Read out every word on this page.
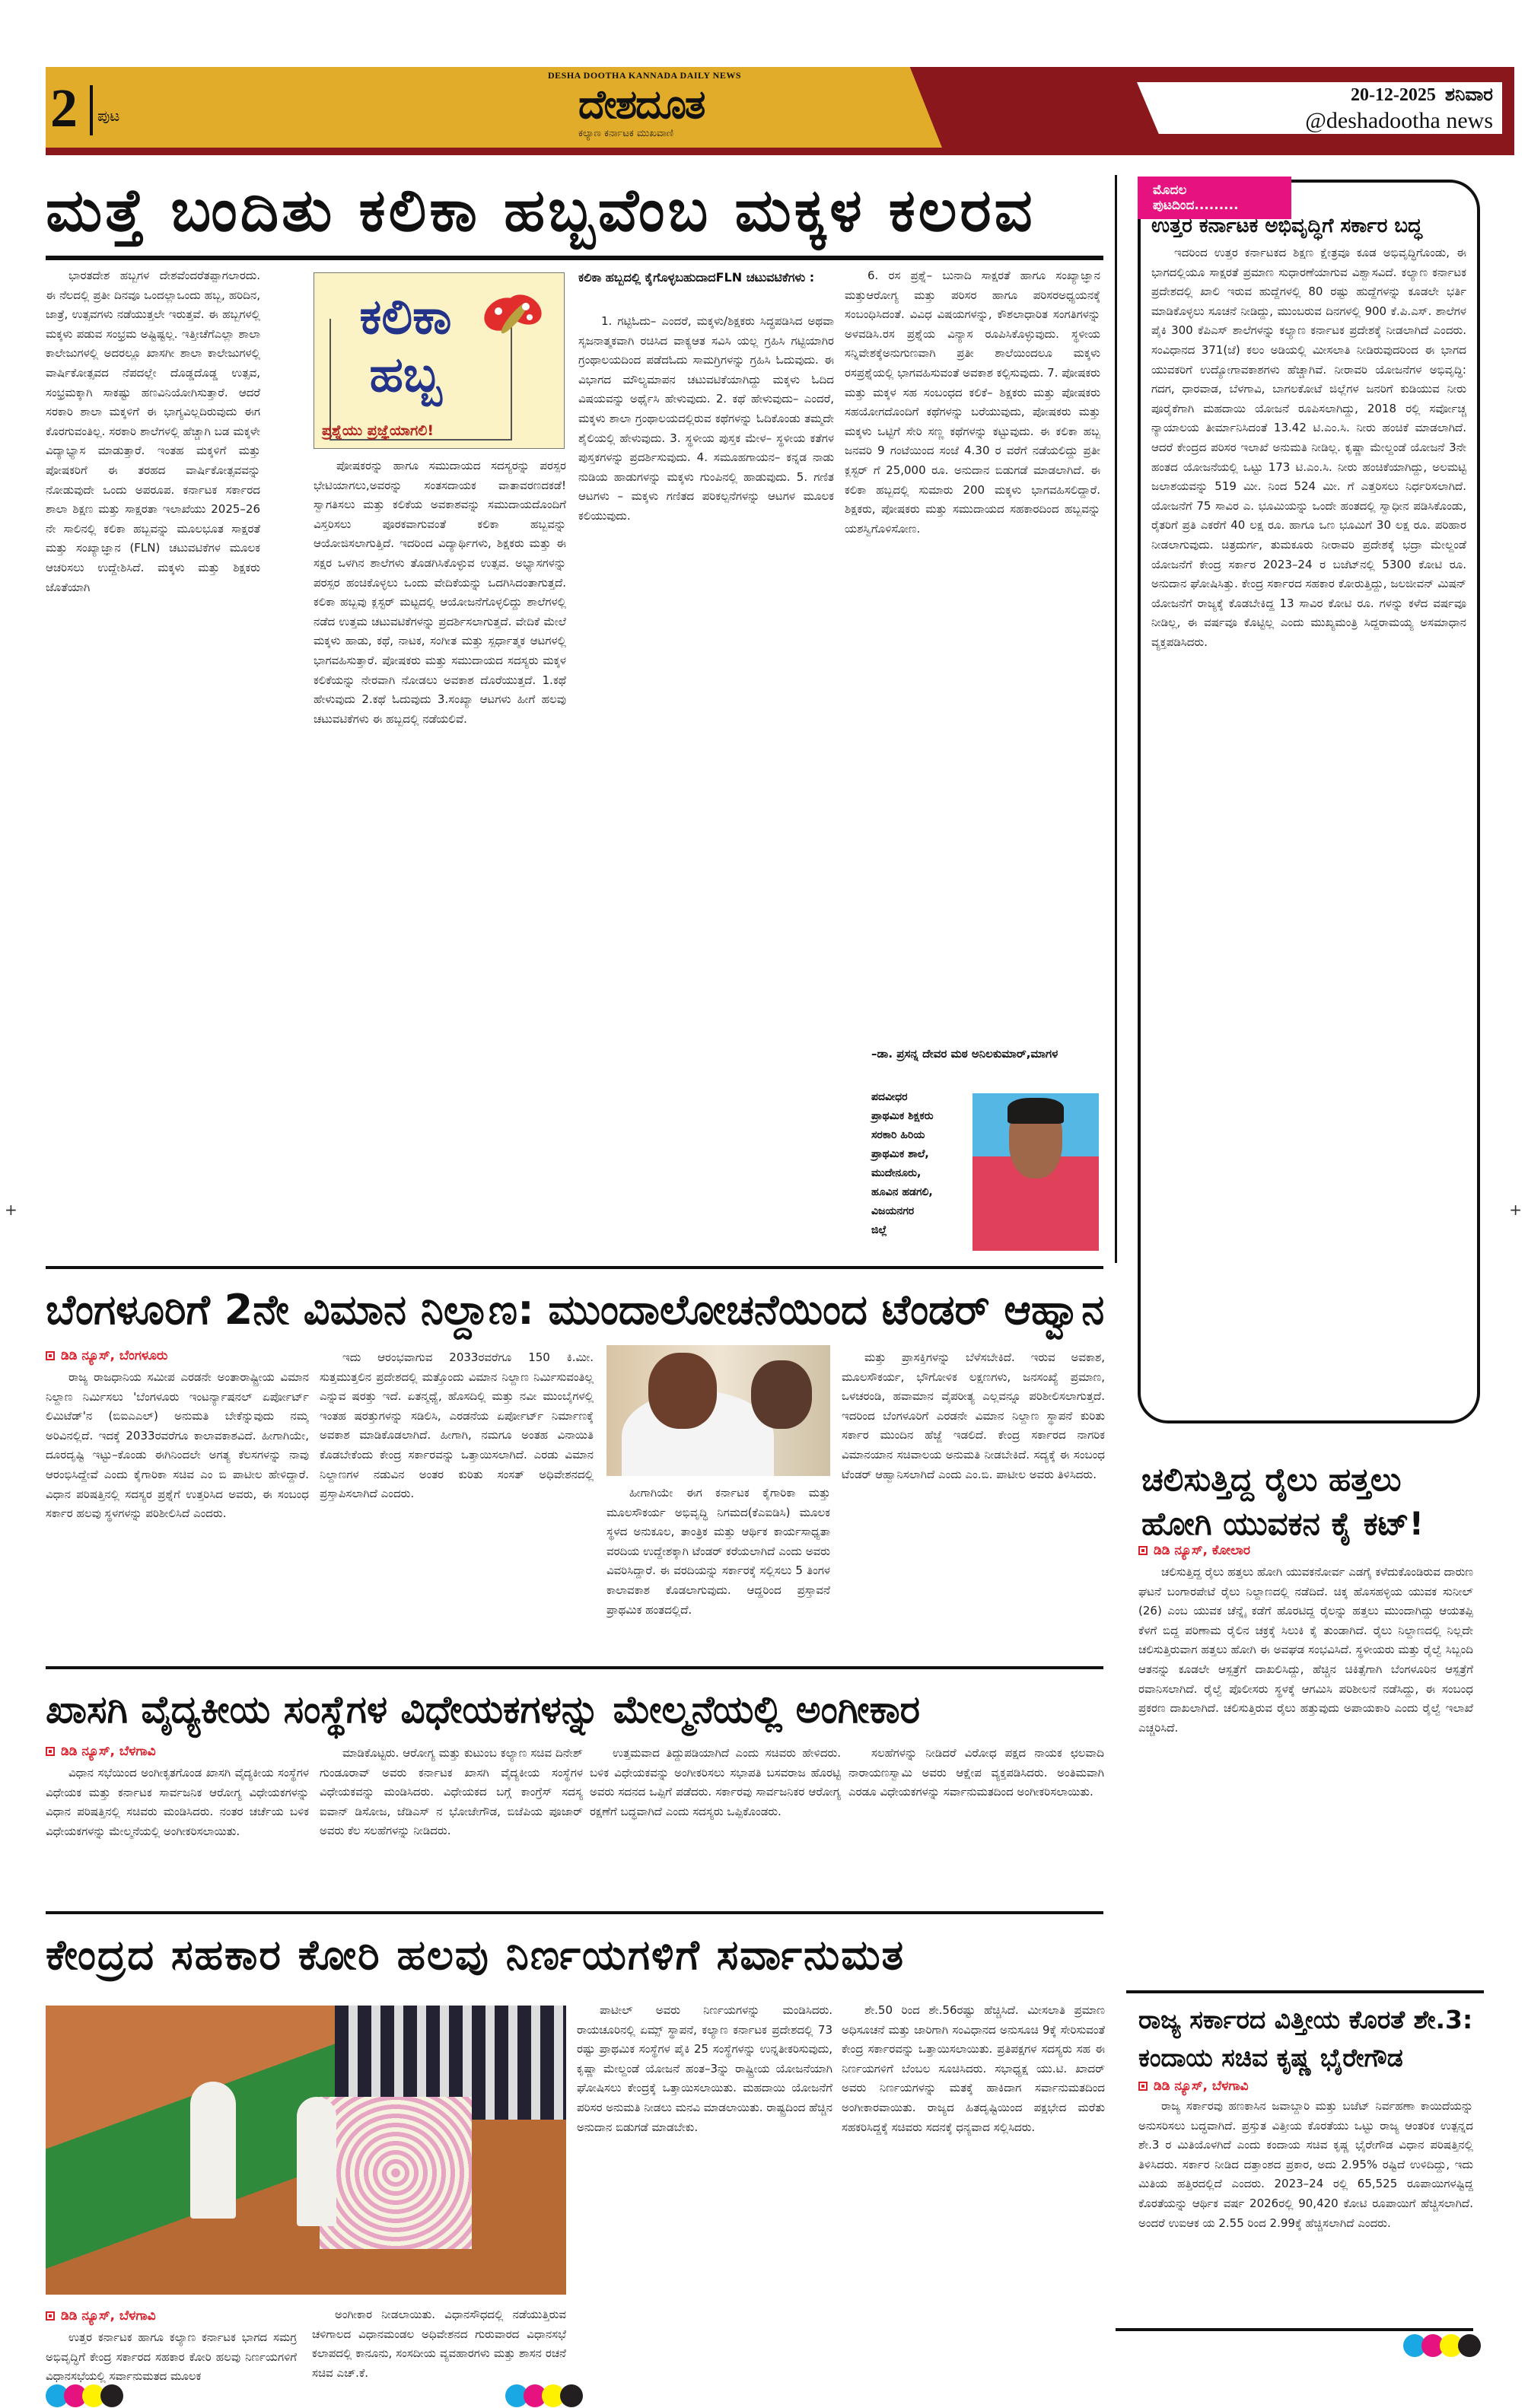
2 ಪುಟ
DESHA DOOTHA KANNADA DAILY NEWS
ದೇಶದೂತ
ಕಲ್ಯಾಣ ಕರ್ನಾಟಕ ಮುಖವಾಣಿ
20-12-2025 ಶನಿವಾರ
@deshadootha news
ಮತ್ತೆ ಬಂದಿತು ಕಲಿಕಾ ಹಬ್ಬವೆಂಬ ಮಕ್ಕಳ ಕಲರವ

ಭಾರತದೇಶ ಹಬ್ಬಗಳ ದೇಶವೆಂದರೆತಪ್ಪಾಗಲಾರದು. ಈ ನೆಲದಲ್ಲಿ ಪ್ರತೀ ದಿನವೂ ಒಂದಲ್ಲಾಒಂದು ಹಬ್ಬ, ಹರಿದಿನ, ಜಾತ್ರೆ, ಉತ್ಸವಗಳು ನಡೆಯುತ್ತಲೇ ಇರುತ್ತವೆ. ಈ ಹಬ್ಬಗಳಲ್ಲಿ ಮಕ್ಕಳು ಪಡುವ ಸಂಭ್ರಮ ಅಷ್ಟಿಷ್ಟಲ್ಲ. ಇತ್ತೀಚೆಗೆಎಲ್ಲಾ ಶಾಲಾ ಕಾಲೇಜುಗಳಲ್ಲಿ ಅದರಲ್ಲೂ ಖಾಸಗೀ ಶಾಲಾ ಕಾಲೇಜುಗಳಲ್ಲಿ ವಾರ್ಷಿಕೋತ್ಸವದ ನೆಪದಲ್ಲೇ ದೊಡ್ಡದೊಡ್ಡ ಉತ್ಸವ, ಸಂಭ್ರಮಕ್ಕಾಗಿ ಸಾಕಷ್ಟು ಹಣವಿನಿಯೋಗಿಸುತ್ತಾರೆ. ಆದರೆ ಸರಕಾರಿ ಶಾಲಾ ಮಕ್ಕಳಿಗೆ ಈ ಭಾಗ್ಯವಿಲ್ಲದಿರುವುದು ಈಗ ಕೊರಗುವಂತಿಲ್ಲ. ಸರಕಾರಿ ಶಾಲೆಗಳಲ್ಲಿ ಹೆಚ್ಚಾಗಿ ಬಡ ಮಕ್ಕಳೇ ವಿದ್ಯಾಭ್ಯಾಸ ಮಾಡುತ್ತಾರೆ. ಇಂತಹ ಮಕ್ಕಳಿಗೆ ಮತ್ತು ಪೋಷಕರಿಗೆ ಈ ತರಹದ ವಾರ್ಷಿಕೋತ್ಸವವನ್ನು ನೋಡುವುದೇ ಒಂದು ಅಪರೂಪ. ಕರ್ನಾಟಕ ಸರ್ಕಾರದ ಶಾಲಾ ಶಿಕ್ಷಣ ಮತ್ತು ಸಾಕ್ಷರತಾ ಇಲಾಖೆಯು 2025–26 ನೇ ಸಾಲಿನಲ್ಲಿ ಕಲಿಕಾ ಹಬ್ಬವನ್ನು ಮೂಲಭೂತ ಸಾಕ್ಷರತೆ ಮತ್ತು ಸಂಖ್ಯಾಜ್ಞಾನ (FLN) ಚಟುವಟಿಕೆಗಳ ಮೂಲಕ ಆಚರಿಸಲು ಉದ್ದೇಶಿಸಿದೆ. ಮಕ್ಕಳು ಮತ್ತು ಶಿಕ್ಷಕರು ಜೊತೆಯಾಗಿ

ಕಲಿಕಾ ಹಬ್ಬ
ಪ್ರಶ್ನೆಯು ಪ್ರಜ್ಞೆಯಾಗಲಿ!

ಪೋಷಕರನ್ನು ಹಾಗೂ ಸಮುದಾಯದ ಸದಸ್ಯರನ್ನು ಪರಸ್ಪರ ಭೇಟಿಯಾಗಲು,ಅವರನ್ನು ಸಂತಸದಾಯಕ ವಾತಾವರಣದಕಡೆ! ಸ್ವಾಗತಿಸಲು ಮತ್ತು ಕಲಿಕೆಯ ಅವಕಾಶವನ್ನು ಸಮುದಾಯದೊಂದಿಗೆ ವಿಸ್ತರಿಸಲು ಪೂರಕವಾಗುವಂತೆ ಕಲಿಕಾ ಹಬ್ಬವನ್ನು ಆಯೋಜಿಸಲಾಗುತ್ತಿದೆ. ಇದರಿಂದ ವಿದ್ಯಾರ್ಥಿಗಳು, ಶಿಕ್ಷಕರು ಮತ್ತು ಈ ಸಕ್ಷರ ಒಳಗಿನ ಶಾಲೆಗಳು ತೊಡಗಿಸಿಕೊಳ್ಳುವ ಉತ್ಸವ. ಅಭ್ಯಾಸಗಳನ್ನು ಪರಸ್ಪರ ಹಂಚಿಕೊಳ್ಳಲು ಒಂದು ವೇದಿಕೆಯನ್ನು ಒದಗಿಸಿದಂತಾಗುತ್ತದೆ. ಕಲಿಕಾ ಹಬ್ಬವು ಕ್ಲಸ್ಟರ್ ಮಟ್ಟದಲ್ಲಿ ಆಯೋಜನೆಗೊಳ್ಳಲಿದ್ದು ಶಾಲೆಗಳಲ್ಲಿ ನಡೆದ ಉತ್ತಮ ಚಟುವಟಿಕೆಗಳನ್ನು ಪ್ರದರ್ಶಿಸಲಾಗುತ್ತದೆ. ವೇದಿಕೆ ಮೇಲೆ ಮಕ್ಕಳು ಹಾಡು, ಕಥೆ, ನಾಟಕ, ಸಂಗೀತ ಮತ್ತು ಸ್ಪರ್ಧಾತ್ಮಕ ಆಟಗಳಲ್ಲಿ ಭಾಗವಹಿಸುತ್ತಾರೆ. ಪೋಷಕರು ಮತ್ತು ಸಮುದಾಯದ ಸದಸ್ಯರು ಮಕ್ಕಳ ಕಲಿಕೆಯನ್ನು ನೇರವಾಗಿ ನೋಡಲು ಅವಕಾಶ ದೊರೆಯುತ್ತದೆ. 1.ಕಥೆ ಹೇಳುವುದು 2.ಕಥೆ ಓದುವುದು 3.ಸಂಖ್ಯಾ ಆಟಗಳು ಹೀಗೆ ಹಲವು ಚಟುವಟಿಕೆಗಳು ಈ ಹಬ್ಬದಲ್ಲಿ ನಡೆಯಲಿವೆ.

ಕಲಿಕಾ ಹಬ್ಬದಲ್ಲಿ ಕೈಗೊಳ್ಳಬಹುದಾದFLN ಚಟುವಟಿಕೆಗಳು :

1. ಗಟ್ಟಿಓದು– ಎಂದರೆ, ಮಕ್ಕಳು/ಶಿಕ್ಷಕರು ಸಿದ್ಧಪಡಿಸಿದ ಅಥವಾ ಸೃಜನಾತ್ಮಕವಾಗಿ ರಚಿಸಿದ ವಾಕ್ಯಆತ ಸವಿಸಿ ಯಲ್ಲ ಗ್ರಹಿಸಿ ಗಟ್ಟಿಯಾಗಿರ ಗ್ರಂಥಾಲಯದಿಂದ ಪಡೆದಓದು ಸಾಮಗ್ರಿಗಳನ್ನು ಗ್ರಹಿಸಿ ಓದುವುದು. ಈ ವಿಭಾಗದ ಮೌಲ್ಯಮಾಪನ ಚಟುವಟಿಕೆಯಾಗಿದ್ದು ಮಕ್ಕಳು ಓದಿದ ವಿಷಯವನ್ನು ಅರ್ಥೈಸಿ ಹೇಳುವುದು. 2. ಕಥೆ ಹೇಳುವುದು– ಎಂದರೆ, ಮಕ್ಕಳು ಶಾಲಾ ಗ್ರಂಥಾಲಯದಲ್ಲಿರುವ ಕಥೆಗಳನ್ನು ಓದಿಕೊಂಡು ತಮ್ಮದೇ ಶೈಲಿಯಲ್ಲಿ ಹೇಳುವುದು. 3. ಸ್ಥಳೀಯ ಪುಸ್ತಕ ಮೇಳ– ಸ್ಥಳೀಯ ಕತೆಗಳ ಪುಸ್ತಕಗಳನ್ನು ಪ್ರದರ್ಶಿಸುವುದು. 4. ಸಮೂಹಗಾಯನ– ಕನ್ನಡ ನಾಡು ನುಡಿಯ ಹಾಡುಗಳನ್ನು ಮಕ್ಕಳು ಗುಂಪಿನಲ್ಲಿ ಹಾಡುವುದು. 5. ಗಣಿತ ಆಟಗಳು – ಮಕ್ಕಳು ಗಣಿತದ ಪರಿಕಲ್ಪನೆಗಳನ್ನು ಆಟಗಳ ಮೂಲಕ ಕಲಿಯುವುದು.

6. ರಸ ಪ್ರಶ್ನೆ– ಬುನಾದಿ ಸಾಕ್ಷರತೆ ಹಾಗೂ ಸಂಖ್ಯಾಜ್ಞಾನ ಮತ್ತುಆರೋಗ್ಯ ಮತ್ತು ಪರಿಸರ ಹಾಗೂ ಪರಿಸರಅಧ್ಯಯನಕ್ಕೆ ಸಂಬಂಧಿಸಿದಂತೆ. ವಿವಿಧ ವಿಷಯಗಳನ್ನು, ಕೌಶಲಾಧಾರಿತ ಸಂಗತಿಗಳನ್ನು ಅಳವಡಿಸಿ.ರಸ ಪ್ರಶ್ನೆಯ ವಿನ್ಯಾಸ ರೂಪಿಸಿಕೊಳ್ಳುವುದು. ಸ್ಥಳೀಯ ಸನ್ನಿವೇಶಕ್ಕೆಅನುಗುಣವಾಗಿ ಪ್ರತೀ ಶಾಲೆಯಿಂದಲೂ ಮಕ್ಕಳು ರಸಪ್ರಶ್ನೆಯಲ್ಲಿ ಭಾಗವಹಿಸುವಂತೆ ಅವಕಾಶ ಕಲ್ಪಿಸುವುದು. 7. ಪೋಷಕರು ಮತ್ತು ಮಕ್ಕಳ ಸಹ ಸಂಬಂಧದ ಕಲಿಕೆ– ಶಿಕ್ಷಕರು ಮತ್ತು ಪೋಷಕರು ಸಹಯೋಗದೊಂದಿಗೆ ಕಥೆಗಳನ್ನು ಬರೆಯುವುದು, ಪೋಷಕರು ಮತ್ತು ಮಕ್ಕಳು ಒಟ್ಟಿಗೆ ಸೇರಿ ಸಣ್ಣ ಕಥೆಗಳನ್ನು ಕಟ್ಟುವುದು. ಈ ಕಲಿಕಾ ಹಬ್ಬ ಜನವರಿ 9 ಗಂಟೆಯಿಂದ ಸಂಜೆ 4.30 ರ ವರೆಗೆ ನಡೆಯಲಿದ್ದು ಪ್ರತೀ ಕ್ಲಸ್ಟರ್ ಗೆ 25,000 ರೂ. ಅನುದಾನ ಬಿಡುಗಡೆ ಮಾಡಲಾಗಿದೆ. ಈ ಕಲಿಕಾ ಹಬ್ಬದಲ್ಲಿ ಸುಮಾರು 200 ಮಕ್ಕಳು ಭಾಗವಹಿಸಲಿದ್ದಾರೆ. ಶಿಕ್ಷಕರು, ಪೋಷಕರು ಮತ್ತು ಸಮುದಾಯದ ಸಹಕಾರದಿಂದ ಹಬ್ಬವನ್ನು ಯಶಸ್ವಿಗೊಳಿಸೋಣ.

–ಡಾ. ಪ್ರಸನ್ನ ದೇವರ ಮಠ ಅನಿಲಕುಮಾರ್,ಮಾಗಳ
ಪದವೀಧರ
ಪ್ರಾಥಮಿಕ ಶಿಕ್ಷಕರು
ಸರಕಾರಿ ಹಿರಿಯ
ಪ್ರಾಥಮಿಕ ಶಾಲೆ,
ಮುದೇನೂರು,
ಹೂವಿನ ಹಡಗಲಿ,
ವಿಜಯನಗರ
ಜಿಲ್ಲೆ
ಮೊದಲ ಪುಟದಿಂದ.........
ಉತ್ತರ ಕರ್ನಾಟಕ ಅಭಿವೃದ್ಧಿಗೆ ಸರ್ಕಾರ ಬದ್ಧ

ಇದರಿಂದ ಉತ್ತರ ಕರ್ನಾಟಕದ ಶಿಕ್ಷಣ ಕ್ಷೇತ್ರವೂ ಕೂಡ ಅಭಿವೃದ್ಧಿಗೊಂಡು, ಈ ಭಾಗದಲ್ಲಿಯೂ ಸಾಕ್ಷರತೆ ಪ್ರಮಾಣ ಸುಧಾರಣೆಯಾಗುವ ವಿಶ್ವಾಸವಿದೆ. ಕಲ್ಯಾಣ ಕರ್ನಾಟಕ ಪ್ರದೇಶದಲ್ಲಿ ಖಾಲಿ ಇರುವ ಹುದ್ದೆಗಳಲ್ಲಿ 80 ರಷ್ಟು ಹುದ್ದೆಗಳನ್ನು ಕೂಡಲೇ ಭರ್ತಿ ಮಾಡಿಕೊಳ್ಳಲು ಸೂಚನೆ ನೀಡಿದ್ದು, ಮುಂಬರುವ ದಿನಗಳಲ್ಲಿ 900 ಕೆ.ಪಿ.ಎಸ್. ಶಾಲೆಗಳ ಪೈಕಿ 300 ಕೆಪಿಎಸ್ ಶಾಲೆಗಳನ್ನು ಕಲ್ಯಾಣ ಕರ್ನಾಟಕ ಪ್ರದೇಶಕ್ಕೆ ನೀಡಲಾಗಿದೆ ಎಂದರು. ಸಂವಿಧಾನದ 371(ಜೆ) ಕಲಂ ಅಡಿಯಲ್ಲಿ ಮೀಸಲಾತಿ ನೀಡಿರುವುದರಿಂದ ಈ ಭಾಗದ ಯುವಕರಿಗೆ ಉದ್ಯೋಗಾವಕಾಶಗಳು ಹೆಚ್ಚಾಗಿವೆ. ನೀರಾವರಿ ಯೋಜನೆಗಳ ಅಭಿವೃದ್ಧಿ: ಗದಗ, ಧಾರವಾಡ, ಬೆಳಗಾವಿ, ಬಾಗಲಕೋಟೆ ಜಿಲ್ಲೆಗಳ ಜನರಿಗೆ ಕುಡಿಯುವ ನೀರು ಪೂರೈಕೆಗಾಗಿ ಮಹದಾಯಿ ಯೋಜನೆ ರೂಪಿಸಲಾಗಿದ್ದು, 2018 ರಲ್ಲಿ ಸರ್ವೋಚ್ಚ ನ್ಯಾಯಾಲಯ ತೀರ್ಮಾನಿಸಿದಂತೆ 13.42 ಟಿ.ಎಂ.ಸಿ. ನೀರು ಹಂಚಿಕೆ ಮಾಡಲಾಗಿದೆ. ಆದರೆ ಕೇಂದ್ರದ ಪರಿಸರ ಇಲಾಖೆ ಅನುಮತಿ ನೀಡಿಲ್ಲ. ಕೃಷ್ಣಾ ಮೇಲ್ದಂಡೆ ಯೋಜನೆ 3ನೇ ಹಂತದ ಯೋಜನೆಯಲ್ಲಿ ಒಟ್ಟು 173 ಟಿ.ಎಂ.ಸಿ. ನೀರು ಹಂಚಿಕೆಯಾಗಿದ್ದು, ಅಲಮಟ್ಟಿ ಜಲಾಶಯವನ್ನು 519 ಮೀ. ನಿಂದ 524 ಮೀ. ಗೆ ಎತ್ತರಿಸಲು ನಿರ್ಧರಿಸಲಾಗಿದೆ. ಯೋಜನೆಗೆ 75 ಸಾವಿರ ಎ. ಭೂಮಿಯನ್ನು ಒಂದೇ ಹಂತದಲ್ಲಿ ಸ್ವಾಧೀನ ಪಡಿಸಿಕೊಂಡು, ರೈತರಿಗೆ ಪ್ರತಿ ಎಕರೆಗೆ 40 ಲಕ್ಷ ರೂ. ಹಾಗೂ ಒಣ ಭೂಮಿಗೆ 30 ಲಕ್ಷ ರೂ. ಪರಿಹಾರ ನೀಡಲಾಗುವುದು. ಚಿತ್ರದುರ್ಗ, ತುಮಕೂರು ನೀರಾವರಿ ಪ್ರದೇಶಕ್ಕೆ ಭದ್ರಾ ಮೇಲ್ದಂಡೆ ಯೋಜನೆಗೆ ಕೇಂದ್ರ ಸರ್ಕಾರ 2023–24 ರ ಬಜೆಟ್‌ನಲ್ಲಿ 5300 ಕೋಟಿ ರೂ. ಅನುದಾನ ಘೋಷಿಸಿತ್ತು. ಕೇಂದ್ರ ಸರ್ಕಾರದ ಸಹಕಾರ ಕೋರುತ್ತಿದ್ದು, ಜಲಜೀವನ್ ಮಿಷನ್ ಯೋಜನೆಗೆ ರಾಜ್ಯಕ್ಕೆ ಕೊಡಬೇಕಿದ್ದ 13 ಸಾವಿರ ಕೋಟಿ ರೂ. ಗಳನ್ನು ಕಳೆದ ವರ್ಷವೂ ನೀಡಿಲ್ಲ, ಈ ವರ್ಷವೂ ಕೊಟ್ಟಿಲ್ಲ ಎಂದು ಮುಖ್ಯಮಂತ್ರಿ ಸಿದ್ದರಾಮಯ್ಯ ಅಸಮಾಧಾನ ವ್ಯಕ್ತಪಡಿಸಿದರು.

ಚಲಿಸುತ್ತಿದ್ದ ರೈಲು ಹತ್ತಲು ಹೋಗಿ ಯುವಕನ ಕೈ ಕಟ್!
ಡಿಡಿ ನ್ಯೂಸ್, ಕೋಲಾರ

ಚಲಿಸುತ್ತಿದ್ದ ರೈಲು ಹತ್ತಲು ಹೋಗಿ ಯುವಕನೋರ್ವ ಎಡಗೈ ಕಳೆದುಕೊಂಡಿರುವ ದಾರುಣ ಘಟನೆ ಬಂಗಾರಪೇಟೆ ರೈಲು ನಿಲ್ದಾಣದಲ್ಲಿ ನಡೆದಿದೆ. ಚಿಕ್ಕ ಹೊಸಹಳ್ಳಿಯ ಯುವಕ ಸುನೀಲ್ (26) ಎಂಬ ಯುವಕ ಚೆನ್ನೈ ಕಡೆಗೆ ಹೊರಟಿದ್ದ ರೈಲನ್ನು ಹತ್ತಲು ಮುಂದಾಗಿದ್ದು ಆಯತಪ್ಪಿ ಕೆಳಗೆ ಬಿದ್ದ ಪರಿಣಾಮ ರೈಲಿನ ಚಕ್ರಕ್ಕೆ ಸಿಲುಕಿ ಕೈ ತುಂಡಾಗಿದೆ. ರೈಲು ನಿಲ್ದಾಣದಲ್ಲಿ ನಿಲ್ಲದೇ ಚಲಿಸುತ್ತಿರುವಾಗ ಹತ್ತಲು ಹೋಗಿ ಈ ಅವಘಡ ಸಂಭವಿಸಿದೆ. ಸ್ಥಳೀಯರು ಮತ್ತು ರೈಲ್ವೆ ಸಿಬ್ಬಂದಿ ಆತನನ್ನು ಕೂಡಲೇ ಆಸ್ಪತ್ರೆಗೆ ದಾಖಲಿಸಿದ್ದು, ಹೆಚ್ಚಿನ ಚಿಕಿತ್ಸೆಗಾಗಿ ಬೆಂಗಳೂರಿನ ಆಸ್ಪತ್ರೆಗೆ ರವಾನಿಸಲಾಗಿದೆ. ರೈಲ್ವೆ ಪೊಲೀಸರು ಸ್ಥಳಕ್ಕೆ ಆಗಮಿಸಿ ಪರಿಶೀಲನೆ ನಡೆಸಿದ್ದು, ಈ ಸಂಬಂಧ ಪ್ರಕರಣ ದಾಖಲಾಗಿದೆ. ಚಲಿಸುತ್ತಿರುವ ರೈಲು ಹತ್ತುವುದು ಅಪಾಯಕಾರಿ ಎಂದು ರೈಲ್ವೆ ಇಲಾಖೆ ಎಚ್ಚರಿಸಿದೆ.

ಬೆಂಗಳೂರಿಗೆ 2ನೇ ವಿಮಾನ ನಿಲ್ದಾಣ: ಮುಂದಾಲೋಚನೆಯಿಂದ ಟೆಂಡರ್ ಆಹ್ವಾನ
ಡಿಡಿ ನ್ಯೂಸ್, ಬೆಂಗಳೂರು

ರಾಜ್ಯ ರಾಜಧಾನಿಯ ಸಮೀಪ ಎರಡನೇ ಅಂತಾರಾಷ್ಟ್ರೀಯ ವಿಮಾನ ನಿಲ್ದಾಣ ನಿರ್ಮಿಸಲು 'ಬೆಂಗಳೂರು ಇಂಟರ್ನ್ಯಾಷನಲ್ ಏರ್ಪೋರ್ಟ್ ಲಿಮಿಟೆಡ್'ನ (ಬಿಐಎಎಲ್) ಅನುಮತಿ ಬೇಕೆನ್ನುವುದು ನಮ್ಮ ಅರಿವಿನಲ್ಲಿದೆ. ಇದಕ್ಕೆ 2033ರವರೆಗೂ ಕಾಲಾವಕಾಶವಿದೆ. ಹೀಗಾಗಿಯೇ, ದೂರದೃಷ್ಟಿ ಇಟ್ಟು–ಕೊಂಡು ಈಗಿನಿಂದಲೇ ಅಗತ್ಯ ಕೆಲಸಗಳನ್ನು ನಾವು ಆರಂಭಿಸಿದ್ದೇವೆ ಎಂದು ಕೈಗಾರಿಕಾ ಸಚಿವ ಎಂ ಬಿ ಪಾಟೀಲ ಹೇಳಿದ್ದಾರೆ. ವಿಧಾನ ಪರಿಷತ್ತಿನಲ್ಲಿ ಸದಸ್ಯರ ಪ್ರಶ್ನೆಗೆ ಉತ್ತರಿಸಿದ ಅವರು, ಈ ಸಂಬಂಧ ಸರ್ಕಾರ ಹಲವು ಸ್ಥಳಗಳನ್ನು ಪರಿಶೀಲಿಸಿದೆ ಎಂದರು.

ಇದು ಆರಂಭವಾಗುವ 2033ರವರೆಗೂ 150 ಕಿ.ಮೀ. ಸುತ್ತಮುತ್ತಲಿನ ಪ್ರದೇಶದಲ್ಲಿ ಮತ್ತೊಂದು ವಿಮಾನ ನಿಲ್ದಾಣ ನಿರ್ಮಿಸುವಂತಿಲ್ಲ ಎನ್ನುವ ಷರತ್ತು ಇದೆ. ಏತನ್ಮಧ್ಯೆ, ಹೊಸದಿಲ್ಲಿ ಮತ್ತು ನವೀ ಮುಂಬೈಗಳಲ್ಲಿ ಇಂತಹ ಷರತ್ತುಗಳನ್ನು ಸಡಿಲಿಸಿ, ಎರಡನೆಯ ಏರ್ಪೋರ್ಟ್ ನಿರ್ಮಾಣಕ್ಕೆ ಅವಕಾಶ ಮಾಡಿಕೊಡಲಾಗಿದೆ. ಹೀಗಾಗಿ, ನಮಗೂ ಅಂತಹ ವಿನಾಯಿತಿ ಕೊಡಬೇಕೆಂದು ಕೇಂದ್ರ ಸರ್ಕಾರವನ್ನು ಒತ್ತಾಯಿಸಲಾಗಿದೆ. ಎರಡು ವಿಮಾನ ನಿಲ್ದಾಣಗಳ ನಡುವಿನ ಅಂತರ ಕುರಿತು ಸಂಸತ್ ಅಧಿವೇಶನದಲ್ಲಿ ಪ್ರಸ್ತಾಪಿಸಲಾಗಿದೆ ಎಂದರು.	ಹೀಗಾಗಿಯೇ ಈಗ ಕರ್ನಾಟಕ ಕೈಗಾರಿಕಾ ಮತ್ತು ಮೂಲಸೌಕರ್ಯ ಅಭಿವೃದ್ಧಿ ನಿಗಮದ(ಕೆಎಐಡಿಸಿ) ಮೂಲಕ ಸ್ಥಳದ ಅನುಕೂಲ, ತಾಂತ್ರಿಕ ಮತ್ತು ಆರ್ಥಿಕ ಕಾರ್ಯಸಾಧ್ಯತಾ ವರದಿಯ ಉದ್ದೇಶಕ್ಕಾಗಿ ಟೆಂಡರ್ ಕರೆಯಲಾಗಿದೆ ಎಂದು ಅವರು ವಿವರಿಸಿದ್ದಾರೆ. ಈ ವರದಿಯನ್ನು ಸರ್ಕಾರಕ್ಕೆ ಸಲ್ಲಿಸಲು 5 ತಿಂಗಳ ಕಾಲಾವಕಾಶ ಕೊಡಲಾಗುವುದು. ಆದ್ದರಿಂದ ಪ್ರಸ್ತಾವನೆ ಪ್ರಾಥಮಿಕ ಹಂತದಲ್ಲಿದೆ.

ಮತ್ತು ಪ್ರಾಸಕ್ತಿಗಳನ್ನು ಬೆಳೆಸಬೇಕಿದೆ. ಇರುವ ಅವಕಾಶ, ಮೂಲಸೌಕರ್ಯ, ಭೌಗೋಳಿಕ ಲಕ್ಷಣಗಳು, ಜನಸಂಖ್ಯೆ ಪ್ರಮಾಣ, ಒಳಚರಂಡಿ, ಹವಾಮಾನ ವೈಪರೀತ್ಯ ಎಲ್ಲವನ್ನೂ ಪರಿಶೀಲಿಸಲಾಗುತ್ತದೆ. ಇದರಿಂದ ಬೆಂಗಳೂರಿಗೆ ಎರಡನೇ ವಿಮಾನ ನಿಲ್ದಾಣ ಸ್ಥಾಪನೆ ಕುರಿತು ಸರ್ಕಾರ ಮುಂದಿನ ಹೆಜ್ಜೆ ಇಡಲಿದೆ. ಕೇಂದ್ರ ಸರ್ಕಾರದ ನಾಗರಿಕ ವಿಮಾನಯಾನ ಸಚಿವಾಲಯ ಅನುಮತಿ ನೀಡಬೇಕಿದೆ. ಸದ್ಯಕ್ಕೆ ಈ ಸಂಬಂಧ ಟೆಂಡರ್ ಆಹ್ವಾನಿಸಲಾಗಿದೆ ಎಂದು ಎಂ.ಬಿ. ಪಾಟೀಲ ಅವರು ತಿಳಿಸಿದರು.

ಖಾಸಗಿ ವೈದ್ಯಕೀಯ ಸಂಸ್ಥೆಗಳ ವಿಧೇಯಕಗಳನ್ನು ಮೇಲ್ಮನೆಯಲ್ಲಿ ಅಂಗೀಕಾರ
ಡಿಡಿ ನ್ಯೂಸ್, ಬೆಳಗಾವಿ

ವಿಧಾನ ಸಭೆಯಿಂದ ಅಂಗೀಕೃತಗೊಂಡ ಖಾಸಗಿ ವೈದ್ಯಕೀಯ ಸಂಸ್ಥೆಗಳ ವಿಧೇಯಕ ಮತ್ತು ಕರ್ನಾಟಕ ಸಾರ್ವಜನಿಕ ಆರೋಗ್ಯ ವಿಧೇಯಕಗಳನ್ನು ವಿಧಾನ ಪರಿಷತ್ತಿನಲ್ಲಿ ಸಚಿವರು ಮಂಡಿಸಿದರು. ನಂತರ ಚರ್ಚೆಯ ಬಳಿಕ ವಿಧೇಯಕಗಳನ್ನು ಮೇಲ್ಮನೆಯಲ್ಲಿ ಅಂಗೀಕರಿಸಲಾಯಿತು.

ಮಾಡಿಕೊಟ್ಟರು. ಆರೋಗ್ಯ ಮತ್ತು ಕುಟುಂಬ ಕಲ್ಯಾಣ ಸಚಿವ ದಿನೇಶ್ ಗುಂಡೂರಾವ್ ಅವರು ಕರ್ನಾಟಕ ಖಾಸಗಿ ವೈದ್ಯಕೀಯ ಸಂಸ್ಥೆಗಳ ವಿಧೇಯಕವನ್ನು ಮಂಡಿಸಿದರು. ವಿಧೇಯಕದ ಬಗ್ಗೆ ಕಾಂಗ್ರೆಸ್ ಸದಸ್ಯ ಐವಾನ್ ಡಿಸೋಜ, ಜೆಡಿಎಸ್ ನ ಭೋಜೇಗೌಡ, ಬಿಜೆಪಿಯ ಪೂಜಾರ್ ಅವರು ಕೆಲ ಸಲಹೆಗಳನ್ನು ನೀಡಿದರು.

ಉತ್ತಮವಾದ ತಿದ್ದುಪಡಿಯಾಗಿದೆ ಎಂದು ಸಚಿವರು ಹೇಳಿದರು. ಬಳಿಕ ವಿಧೇಯಕವನ್ನು ಅಂಗೀಕರಿಸಲು ಸಭಾಪತಿ ಬಸವರಾಜ ಹೊರಟ್ಟಿ ಅವರು ಸದನದ ಒಪ್ಪಿಗೆ ಪಡೆದರು. ಸರ್ಕಾರವು ಸಾರ್ವಜನಿಕರ ಆರೋಗ್ಯ ರಕ್ಷಣೆಗೆ ಬದ್ಧವಾಗಿದೆ ಎಂದು ಸದಸ್ಯರು ಒಪ್ಪಿಕೊಂಡರು.

ಸಲಹೆಗಳನ್ನು ನೀಡಿದರೆ ವಿರೋಧ ಪಕ್ಷದ ನಾಯಕ ಛಲವಾದಿ ನಾರಾಯಣಸ್ವಾಮಿ ಅವರು ಆಕ್ಷೇಪ ವ್ಯಕ್ತಪಡಿಸಿದರು. ಅಂತಿಮವಾಗಿ ಎರಡೂ ವಿಧೇಯಕಗಳನ್ನು ಸರ್ವಾನುಮತದಿಂದ ಅಂಗೀಕರಿಸಲಾಯಿತು.

ಕೇಂದ್ರದ ಸಹಕಾರ ಕೋರಿ ಹಲವು ನಿರ್ಣಯಗಳಿಗೆ ಸರ್ವಾನುಮತ
ಡಿಡಿ ನ್ಯೂಸ್, ಬೆಳಗಾವಿ

ಉತ್ತರ ಕರ್ನಾಟಕ ಹಾಗೂ ಕಲ್ಯಾಣ ಕರ್ನಾಟಕ ಭಾಗದ ಸಮಗ್ರ ಅಭಿವೃದ್ಧಿಗೆ ಕೇಂದ್ರ ಸರ್ಕಾರದ ಸಹಕಾರ ಕೋರಿ ಹಲವು ನಿರ್ಣಯಗಳಿಗೆ ವಿಧಾನಸಭೆಯಲ್ಲಿ ಸರ್ವಾನುಮತದ ಮೂಲಕ

ಅಂಗೀಕಾರ ನೀಡಲಾಯಿತು. ವಿಧಾನಸೌಧದಲ್ಲಿ ನಡೆಯುತ್ತಿರುವ ಚಳಿಗಾಲದ ವಿಧಾನಮಂಡಲ ಅಧಿವೇಶನದ ಗುರುವಾರದ ವಿಧಾನಸಭೆ ಕಲಾಪದಲ್ಲಿ ಕಾನೂನು, ಸಂಸದೀಯ ವ್ಯವಹಾರಗಳು ಮತ್ತು ಶಾಸನ ರಚನೆ ಸಚಿವ ಎಚ್.ಕೆ.

ಪಾಟೀಲ್ ಅವರು ನಿರ್ಣಯಗಳನ್ನು ಮಂಡಿಸಿದರು. ರಾಯಚೂರಿನಲ್ಲಿ ಏಮ್ಸ್ ಸ್ಥಾಪನೆ, ಕಲ್ಯಾಣ ಕರ್ನಾಟಕ ಪ್ರದೇಶದಲ್ಲಿ 73 ರಷ್ಟು ಪ್ರಾಥಮಿಕ ಸಂಸ್ಥೆಗಳ ಪೈಕಿ 25 ಸಂಸ್ಥೆಗಳನ್ನು ಉನ್ನತೀಕರಿಸುವುದು, ಕೃಷ್ಣಾ ಮೇಲ್ದಂಡೆ ಯೋಜನೆ ಹಂತ–3ನ್ನು ರಾಷ್ಟ್ರೀಯ ಯೋಜನೆಯಾಗಿ ಘೋಷಿಸಲು ಕೇಂದ್ರಕ್ಕೆ ಒತ್ತಾಯಿಸಲಾಯಿತು. ಮಹದಾಯಿ ಯೋಜನೆಗೆ ಪರಿಸರ ಅನುಮತಿ ನೀಡಲು ಮನವಿ ಮಾಡಲಾಯಿತು. ರಾಷ್ಟ್ರದಿಂದ ಹೆಚ್ಚಿನ ಅನುದಾನ ಬಿಡುಗಡೆ ಮಾಡಬೇಕು.

ಶೇ.50 ರಿಂದ ಶೇ.56ರಷ್ಟು ಹೆಚ್ಚಿಸಿದೆ. ಮೀಸಲಾತಿ ಪ್ರಮಾಣ ಅಧಿಸೂಚನೆ ಮತ್ತು ಜಾರಿಗಾಗಿ ಸಂವಿಧಾನದ ಅನುಸೂಚಿ 9ಕ್ಕೆ ಸೇರಿಸುವಂತೆ ಕೇಂದ್ರ ಸರ್ಕಾರವನ್ನು ಒತ್ತಾಯಿಸಲಾಯಿತು. ಪ್ರತಿಪಕ್ಷಗಳ ಸದಸ್ಯರು ಸಹ ಈ ನಿರ್ಣಯಗಳಿಗೆ ಬೆಂಬಲ ಸೂಚಿಸಿದರು. ಸಭಾಧ್ಯಕ್ಷ ಯು.ಟಿ. ಖಾದರ್ ಅವರು ನಿರ್ಣಯಗಳನ್ನು ಮತಕ್ಕೆ ಹಾಕಿದಾಗ ಸರ್ವಾನುಮತದಿಂದ ಅಂಗೀಕಾರವಾಯಿತು. ರಾಜ್ಯದ ಹಿತದೃಷ್ಟಿಯಿಂದ ಪಕ್ಷಭೇದ ಮರೆತು ಸಹಕರಿಸಿದ್ದಕ್ಕೆ ಸಚಿವರು ಸದನಕ್ಕೆ ಧನ್ಯವಾದ ಸಲ್ಲಿಸಿದರು.

ರಾಜ್ಯ ಸರ್ಕಾರದ ವಿತ್ತೀಯ ಕೊರತೆ ಶೇ.3: ಕಂದಾಯ ಸಚಿವ ಕೃಷ್ಣ ಭೈರೇಗೌಡ
ಡಿಡಿ ನ್ಯೂಸ್, ಬೆಳಗಾವಿ

ರಾಜ್ಯ ಸರ್ಕಾರವು ಹಣಕಾಸಿನ ಜವಾಬ್ದಾರಿ ಮತ್ತು ಬಜೆಟ್ ನಿರ್ವಹಣಾ ಕಾಯಿದೆಯನ್ನು ಅನುಸರಿಸಲು ಬದ್ಧವಾಗಿದೆ. ಪ್ರಸ್ತುತ ವಿತ್ತೀಯ ಕೊರತೆಯು ಒಟ್ಟು ರಾಜ್ಯ ಆಂತರಿಕ ಉತ್ಪನ್ನದ ಶೇ.3 ರ ಮಿತಿಯೊಳಗಿದೆ ಎಂದು ಕಂದಾಯ ಸಚಿವ ಕೃಷ್ಣ ಭೈರೇಗೌಡ ವಿಧಾನ ಪರಿಷತ್ತಿನಲ್ಲಿ ತಿಳಿಸಿದರು. ಸರ್ಕಾರ ನೀಡಿದ ದತ್ತಾಂಶದ ಪ್ರಕಾರ, ಅದು 2.95% ರಷ್ಟಿದೆ ಉಳಿದಿದ್ದು, ಇದು ಮಿತಿಯ ಹತ್ತಿರದಲ್ಲಿದೆ ಎಂದರು. 2023–24 ರಲ್ಲಿ 65,525 ರೂಪಾಯಿಗಳಷ್ಟಿದ್ದ ಕೊರತೆಯನ್ನು ಆರ್ಥಿಕ ವರ್ಷ 2026ರಲ್ಲಿ 90,420 ಕೋಟಿ ರೂಪಾಯಿಗೆ ಹೆಚ್ಚಿಸಲಾಗಿದೆ. ಅಂದರೆ ಉಐಆಕ ಯ 2.55 ರಿಂದ 2.99ಕ್ಕೆ ಹೆಚ್ಚಿಸಲಾಗಿದೆ ಎಂದರು.

+	+
